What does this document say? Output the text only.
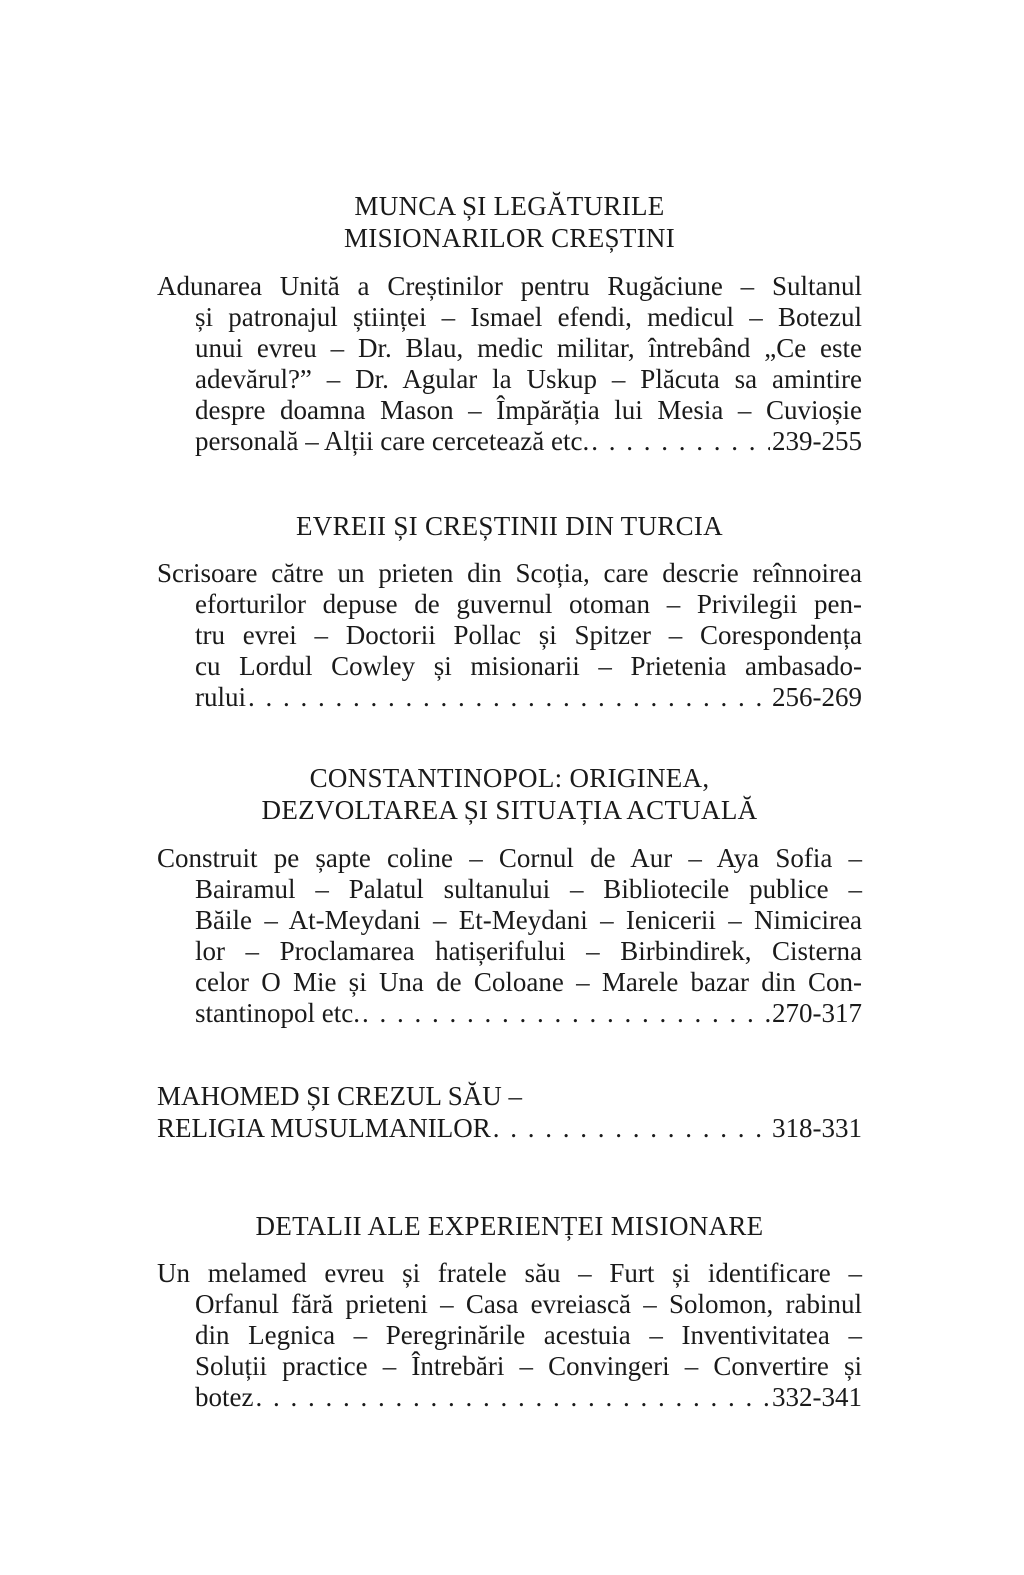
MUNCA ȘI LEGĂTURILE
MISIONARILOR CREȘTINI
Adunarea Unită a Creștinilor pentru Rugăciune – Sultanul
și patronajul științei – Ismael efendi, medicul – Botezul
unui evreu – Dr. Blau, medic militar, întrebând „Ce este
adevărul?” – Dr. Agular la Uskup – Plăcuta sa amintire
despre doamna Mason – Împărăția lui Mesia – Cuvioșie
personală – Alții care cercetează etc. . . .	239-255
EVREII ȘI CREȘTINII DIN TURCIA
Scrisoare către un prieten din Scoția, care descrie reînnoirea
eforturilor depuse de guvernul otoman – Privilegii pen-
tru evrei – Doctorii Pollac și Spitzer – Corespondența
cu Lordul Cowley și misionarii – Prietenia ambasado-
rului . . .	256-269
CONSTANTINOPOL: ORIGINEA,
DEZVOLTAREA ȘI SITUAȚIA ACTUALĂ
Construit pe șapte coline – Cornul de Aur – Aya Sofia –
Bairamul – Palatul sultanului – Bibliotecile publice –
Băile – At-Meydani – Et-Meydani – Ienicerii – Nimicirea
lor – Proclamarea hatișerifului – Birbindirek, Cisterna
celor O Mie și Una de Coloane – Marele bazar din Con-
stantinopol etc. . . .	270-317
MAHOMED ȘI CREZUL SĂU –
RELIGIA MUSULMANILOR . . .	318-331
DETALII ALE EXPERIENȚEI MISIONARE
Un melamed evreu și fratele său – Furt și identificare –
Orfanul fără prieteni – Casa evreiască – Solomon, rabinul
din Legnica – Peregrinările acestuia – Inventivitatea –
Soluții practice – Întrebări – Convingeri – Convertire și
botez . . .	332-341
